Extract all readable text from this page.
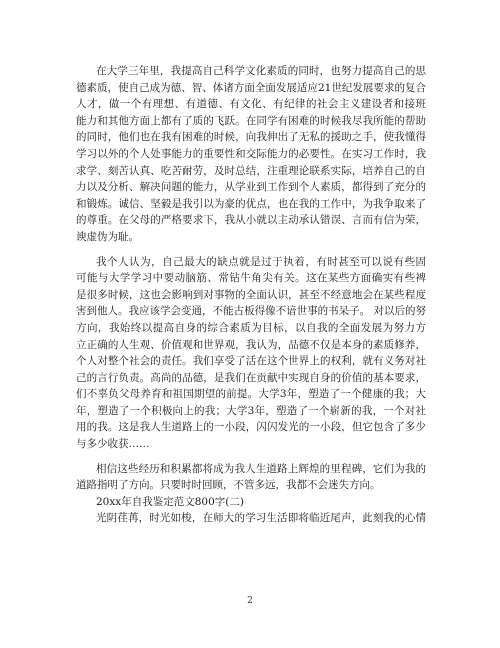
在大学三年里，我提高自己科学文化素质的同时，也努力提高自己的思
德素质，使自己成为德、智、体诸方面全面发展适应21世纪发展要求的复合
人才，做一个有理想、有道德、有文化、有纪律的社会主义建设者和接班
能力和其他方面上都有了质的飞跃。在同学有困难的时候我尽我所能的帮助
的同时，他们也在我有困难的时候，向我伸出了无私的援助之手，使我懂得
学习以外的个人处事能力的重要性和交际能力的必要性。在实习工作时，我
求学、刻苦认真、吃苦耐劳，及时总结，注重理论联系实际，培养自己的自
力以及分析、解决问题的能力，从学业到工作到个人素质，都得到了充分的
和锻炼。诚信、坚毅是我引以为豪的优点，也在我的工作中，为我争取来了
的尊重。在父母的严格要求下，我从小就以主动承认错误、言而有信为荣，
谀虚伪为耻。
我个人认为，自己最大的缺点就是过于执着，有时甚至可以说有些固
可能与大学学习中要动脑筋、常钻牛角尖有关。这在某些方面确实有些裨
是很多时候，这也会影响到对事物的全面认识，甚至不经意地会在某些程度
害到他人。我应该学会变通，不能古板得像不谙世事的书呆子。 对以后的努
方向，我始终以提高自身的综合素质为目标，以自我的全面发展为努力方
立正确的人生观、价值观和世界观，我认为，品德不仅是本身的素质修养，
个人对整个社会的责任。我们享受了活在这个世界上的权利，就有义务对社
己的言行负责。高尚的品德，是我们在贡献中实现自身的价值的基本要求，
们不辜负父母养育和祖国期望的前提。大学3年，塑造了一个健康的我；大
年，塑造了一个积极向上的我；大学3年，塑造了一个崭新的我，一个对社
用的我。这是我人生道路上的一小段，闪闪发光的一小段，但它包含了多少
与多少收获……
相信这些经历和积累都将成为我人生道路上辉煌的里程碑，它们为我的
道路指明了方向。只要时时回顾，不管多远，我都不会迷失方向。
20xx年自我鉴定范文800字(二)
光阴荏苒，时光如梭，在师大的学习生活即将临近尾声，此刻我的心情
2
